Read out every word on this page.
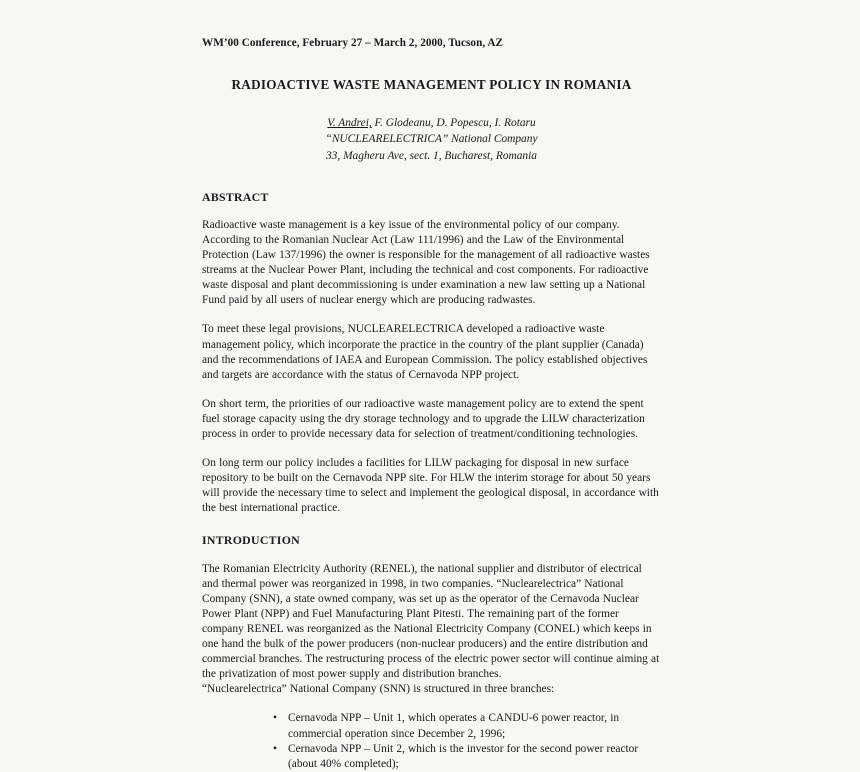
WM’00 Conference, February 27 – March 2, 2000, Tucson, AZ
RADIOACTIVE WASTE MANAGEMENT POLICY IN ROMANIA
V. Andrei, F. Glodeanu, D. Popescu, I. Rotaru
“NUCLEARELECTRICA” National Company
33, Magheru Ave, sect. 1, Bucharest, Romania
ABSTRACT

Radioactive waste management is a key issue of the environmental policy of our company. According to the Romanian Nuclear Act (Law 111/1996) and the Law of the Environmental Protection (Law 137/1996) the owner is responsible for the management of all radioactive wastes streams at the Nuclear Power Plant, including the technical and cost components. For radioactive waste disposal and plant decommissioning is under examination a new law setting up a National Fund paid by all users of nuclear energy which are producing radwastes.

To meet these legal provisions, NUCLEARELECTRICA developed a radioactive waste management policy, which incorporate the practice in the country of the plant supplier (Canada) and the recommendations of IAEA and European Commission. The policy established objectives and targets are accordance with the status of Cernavoda NPP project.

On short term, the priorities of our radioactive waste management policy are to extend the spent fuel storage capacity using the dry storage technology and to upgrade the LILW characterization process in order to provide necessary data for selection of treatment/conditioning technologies.

On long term our policy includes a facilities for LILW packaging for disposal in new surface repository to be built on the Cernavoda NPP site. For HLW the interim storage for about 50 years will provide the necessary time to select and implement the geological disposal, in accordance with the best international practice.

INTRODUCTION

The Romanian Electricity Authority (RENEL), the national supplier and distributor of electrical and thermal power was reorganized in 1998, in two companies. “Nuclearelectrica” National Company (SNN), a state owned company, was set up as the operator of the Cernavoda Nuclear Power Plant (NPP) and Fuel Manufacturing Plant Pitesti. The remaining part of the former company RENEL was reorganized as the National Electricity Company (CONEL) which keeps in one hand the bulk of the power producers (non-nuclear producers) and the entire distribution and commercial branches. The restructuring process of the electric power sector will continue aiming at the privatization of most power supply and distribution branches.

“Nuclearelectrica” National Company (SNN) is structured in three branches:

• Cernavoda NPP – Unit 1, which operates a CANDU-6 power reactor, in commercial operation since December 2, 1996;
• Cernavoda NPP – Unit 2, which is the investor for the second power reactor (about 40% completed);
